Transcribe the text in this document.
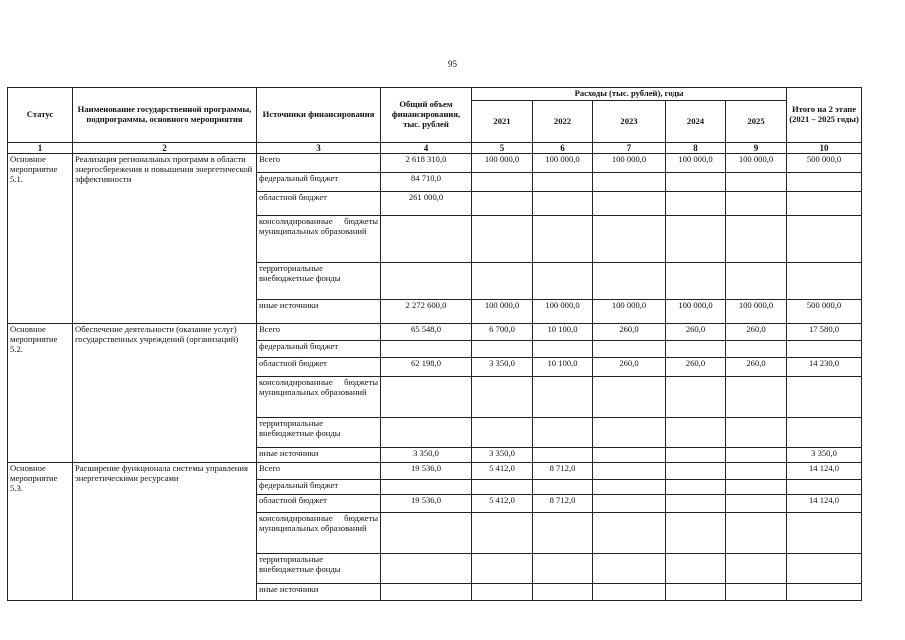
95
Статус	Наименование государственной программы, подпрограммы, основного мероприятия	Источники финансирования	Общий объем финансирования, тыс. рублей	Расходы (тыс. рублей), годы					Итого на 2 этапе (2021 – 2025 годы)
				2021	2022	2023	2024	2025	
1	2	3	4	5	6	7	8	9	10
Основное мероприятие 5.1.	Реализация региональных программ в области энергосбережения и повышения энергетической эффективности	Всего	2 618 310,0	100 000,0	100 000,0	100 000,0	100 000,0	100 000,0	500 000,0
		федеральный бюджет	84 710,0						
		областной бюджет	261 000,0						
		консолидированные бюджеты муниципальных образований							
		территориальные внебюджетные фонды							
		иные источники	2 272 600,0	100 000,0	100 000,0	100 000,0	100 000,0	100 000,0	500 000,0
Основное мероприятие 5.2.	Обеспечение деятельности (оказание услуг) государственных учреждений (организаций)	Всего	65 548,0	6 700,0	10 100,0	260,0	260,0	260,0	17 580,0
		федеральный бюджет							
		областной бюджет	62 198,0	3 350,0	10 100,0	260,0	260,0	260,0	14 230,0
		консолидированные бюджеты муниципальных образований							
		территориальные внебюджетные фонды							
		иные источники	3 350,0	3 350,0					3 350,0
Основное мероприятие 5.3.	Расширение функционала системы управления энергетическими ресурсами	Всего	19 536,0	5 412,0	8 712,0				14 124,0
		федеральный бюджет							
		областной бюджет	19 536,0	5 412,0	8 712,0				14 124,0
		консолидированные бюджеты муниципальных образований							
		территориальные внебюджетные фонды							
		иные источники							
